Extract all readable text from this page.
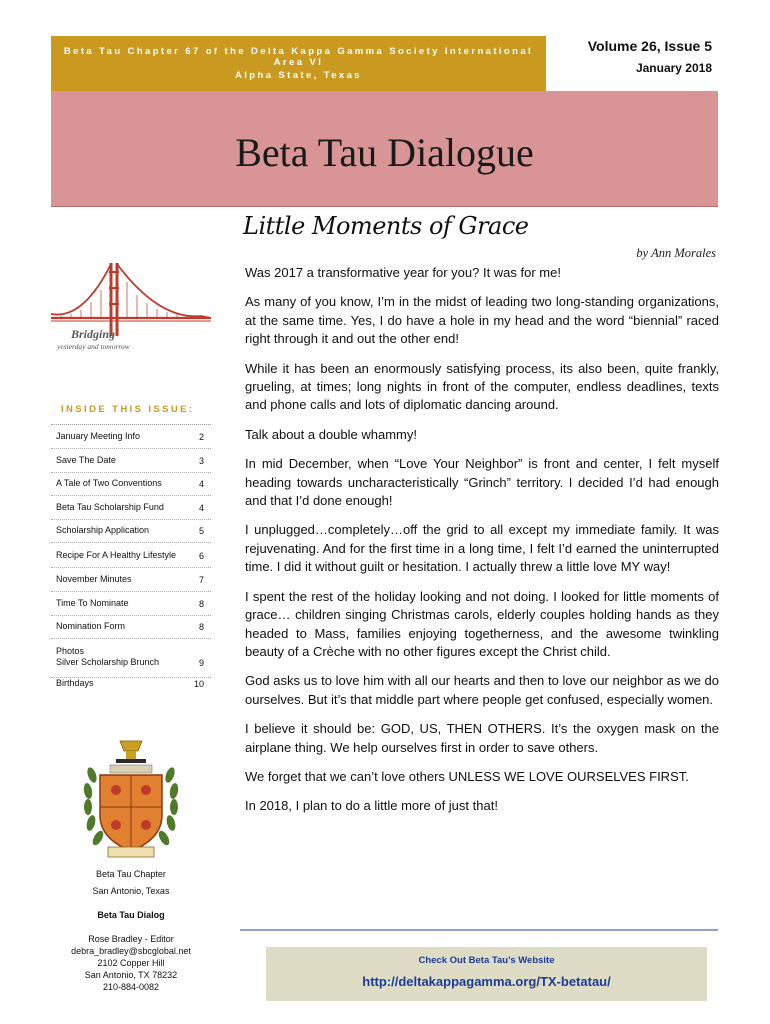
Beta Tau Chapter 67 of the Delta Kappa Gamma Society International Area VI
Alpha State, Texas
Volume 26, Issue 5
January 2018
Beta Tau Dialogue
Bridging
yesterday and tomorrow
INSIDE THIS ISSUE:
January Meeting Info	2
Save The Date	3
A Tale of Two Conventions	4
Beta Tau Scholarship Fund	4
Scholarship Application	5
Recipe For A Healthy Lifestyle	6
November Minutes	7
Time To Nominate	8
Nomination Form	8
Photos
Silver Scholarship Brunch	9
Birthdays	10
Beta Tau Chapter
San Antonio, Texas
Beta Tau Dialog
Rose Bradley - Editor
debra_bradley@sbcglobal.net
2102 Copper Hill
San Antonio, TX 78232
210-884-0082
Little Moments of Grace
by Ann Morales

Was 2017 a transformative year for you? It was for me!

As many of you know, I’m in the midst of leading two long-standing organizations, at the same time. Yes, I do have a hole in my head and the word “biennial” raced right through it and out the other end!

While it has been an enormously satisfying process, its also been, quite frankly, grueling, at times; long nights in front of the computer, endless deadlines, texts and phone calls and lots of diplomatic dancing around.

Talk about a double whammy!

In mid December, when “Love Your Neighbor” is front and center, I felt myself heading towards uncharacteristically “Grinch” territory. I decided I’d had enough and that I’d done enough!

I unplugged…completely…off the grid to all except my immediate family. It was rejuvenating. And for the first time in a long time, I felt I’d earned the uninterrupted time. I did it without guilt or hesitation. I actually threw a little love MY way!

I spent the rest of the holiday looking and not doing. I looked for little moments of grace… children singing Christmas carols, elderly couples holding hands as they headed to Mass, families enjoying togetherness, and the awesome twinkling beauty of a Crèche with no other figures except the Christ child.

God asks us to love him with all our hearts and then to love our neighbor as we do ourselves. But it’s that middle part where people get confused, especially women.

I believe it should be: GOD, US, THEN OTHERS. It’s the oxygen mask on the airplane thing. We help ourselves first in order to save others.

We forget that we can’t love others UNLESS WE LOVE OURSELVES FIRST.

In 2018, I plan to do a little more of just that!

Check Out Beta Tau’s Website
http://deltakappagamma.org/TX-betatau/
